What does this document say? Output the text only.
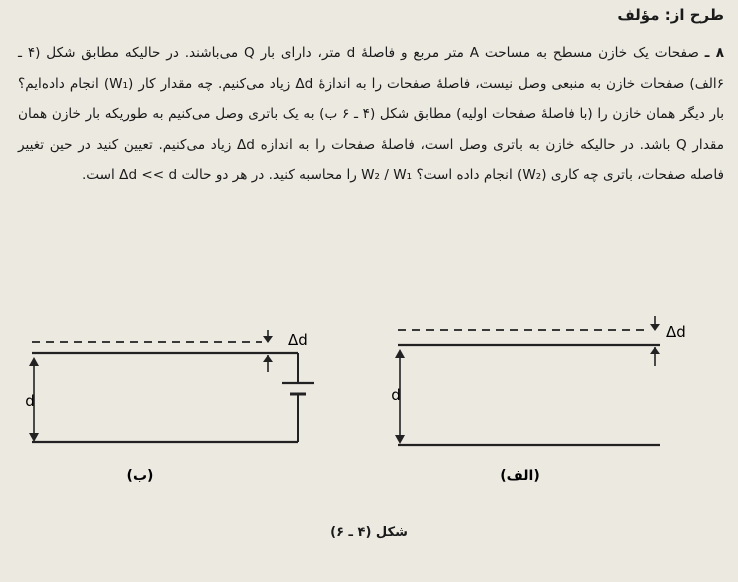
طرح از: مؤلف

۸ ـ صفحات یک خازن مسطح به مساحت A متر مربع و فاصلهٔ d متر، دارای بار Q می‌باشند. در حالیکه مطابق شکل (۴ ـ ۶الف) صفحات خازن به منبعی وصل نیست، فاصلهٔ صفحات را به اندازهٔ Δd زیاد می‌کنیم. چه مقدار کار (W₁) انجام داده‌ایم؟ بار دیگر همان خازن را (با فاصلهٔ صفحات اولیه) مطابق شکل (۴ ـ ۶ ب) به یک باتری وصل می‌کنیم به طوریکه بار خازن همان مقدار Q باشد. در حالیکه خازن به باتری وصل است، فاصلهٔ صفحات را به اندازه Δd زیاد می‌کنیم. تعیین کنید در حین تغییر فاصله صفحات، باتری چه کاری (W₂) انجام داده است؟ W₂ / W₁ را محاسبه کنید. در هر دو حالت Δd << d است.

d
Δd
(ب)
d
Δd
(الف)
شکل (۴ ـ ۶)
